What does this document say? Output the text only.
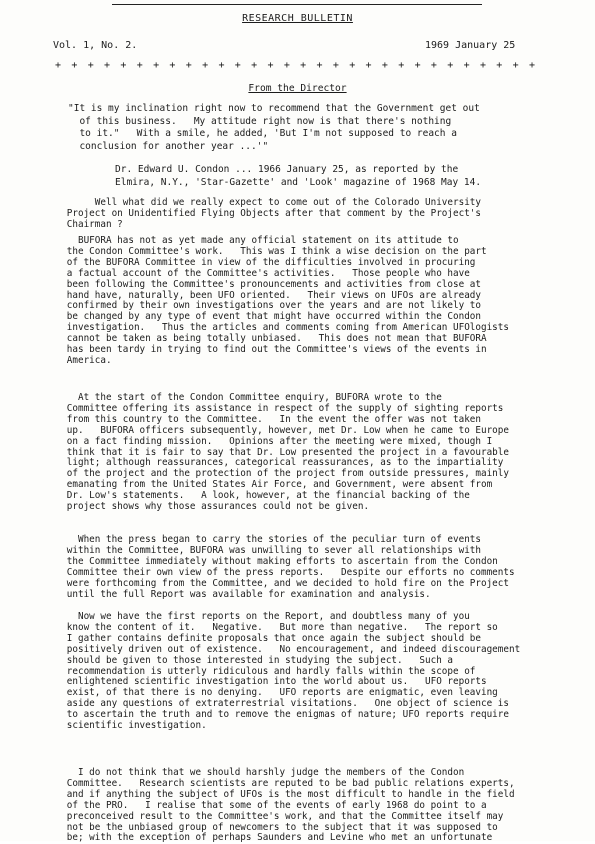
RESEARCH BULLETIN
Vol. 1, No. 2.	1969 January 25
+ + + + + + + + + + + + + + + + + + + + + + + + + + + + + +
From the Director
"It is my inclination right now to recommend that the Government get out
of this business.   My attitude right now is that there's nothing
to it."   With a smile, he added, 'But I'm not supposed to reach a
conclusion for another year ...'"
Dr. Edward U. Condon ... 1966 January 25, as reported by the
Elmira, N.Y., 'Star-Gazette' and 'Look' magazine of 1968 May 14.

Well what did we really expect to come out of the Colorado University
Project on Unidentified Flying Objects after that comment by the Project's
Chairman ?

BUFORA has not as yet made any official statement on its attitude to
the Condon Committee's work.   This was I think a wise decision on the part
of the BUFORA Committee in view of the difficulties involved in procuring
a factual account of the Committee's activities.   Those people who have
been following the Committee's pronouncements and activities from close at
hand have, naturally, been UFO oriented.   Their views on UFOs are already
confirmed by their own investigations over the years and are not likely to
be changed by any type of event that might have occurred within the Condon
investigation.   Thus the articles and comments coming from American UFOlogists
cannot be taken as being totally unbiased.   This does not mean that BUFORA
has been tardy in trying to find out the Committee's views of the events in
America.

At the start of the Condon Committee enquiry, BUFORA wrote to the
Committee offering its assistance in respect of the supply of sighting reports
from this country to the Committee.   In the event the offer was not taken
up.   BUFORA officers subsequently, however, met Dr. Low when he came to Europe
on a fact finding mission.   Opinions after the meeting were mixed, though I
think that it is fair to say that Dr. Low presented the project in a favourable
light; although reassurances, categorical reassurances, as to the impartiality
of the project and the protection of the project from outside pressures, mainly
emanating from the United States Air Force, and Government, were absent from
Dr. Low's statements.   A look, however, at the financial backing of the
project shows why those assurances could not be given.

When the press began to carry the stories of the peculiar turn of events
within the Committee, BUFORA was unwilling to sever all relationships with
the Committee immediately without making efforts to ascertain from the Condon
Committee their own view of the press reports.   Despite our efforts no comments
were forthcoming from the Committee, and we decided to hold fire on the Project
until the full Report was available for examination and analysis.

Now we have the first reports on the Report, and doubtless many of you
know the content of it.   Negative.   But more than negative.   The report so
I gather contains definite proposals that once again the subject should be
positively driven out of existence.   No encouragement, and indeed discouragement
should be given to those interested in studying the subject.   Such a
recommendation is utterly ridiculous and hardly falls within the scope of
enlightened scientific investigation into the world about us.   UFO reports
exist, of that there is no denying.   UFO reports are enigmatic, even leaving
aside any questions of extraterrestrial visitations.   One object of science is
to ascertain the truth and to remove the enigmas of nature; UFO reports require
scientific investigation.

I do not think that we should harshly judge the members of the Condon
Committee.   Research scientists are reputed to be bad public relations experts,
and if anything the subject of UFOs is the most difficult to handle in the field
of the PRO.   I realise that some of the events of early 1968 do point to a
preconceived result to the Committee's work, and that the Committee itself may
not be the unbiased group of newcomers to the subject that it was supposed to
be; with the exception of perhaps Saunders and Levine who met an unfortunate
